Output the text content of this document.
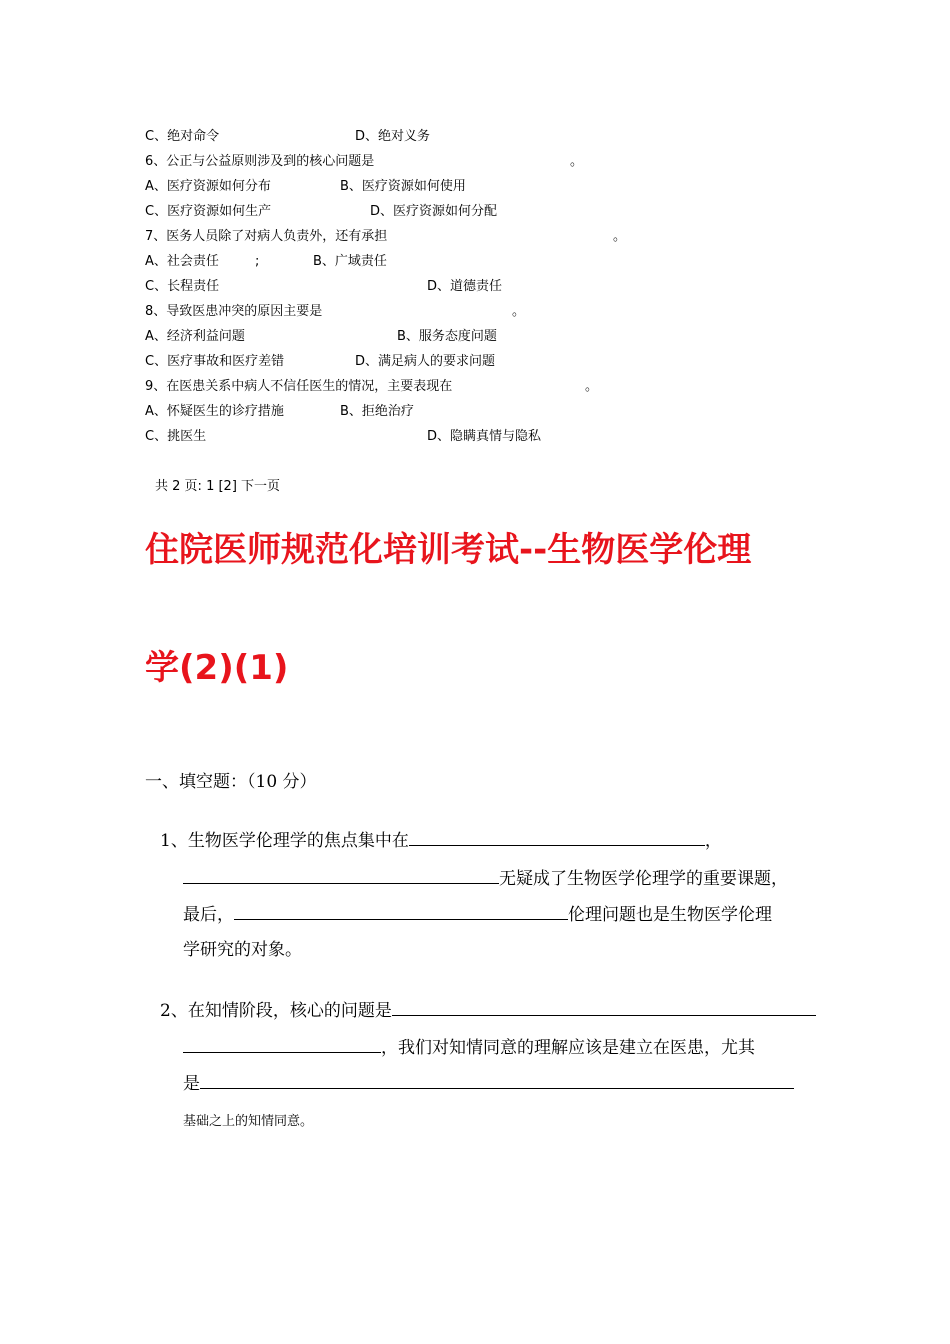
C、绝对命令	D、绝对义务
6、公正与公益原则涉及到的核心问题是	。
A、医疗资源如何分布	B、医疗资源如何使用
C、医疗资源如何生产	D、医疗资源如何分配
7、医务人员除了对病人负责外，还有承担	。
A、社会责任	;	B、广域责任
C、长程责任	D、道德责任
8、导致医患冲突的原因主要是	。
A、经济利益问题	B、服务态度问题
C、医疗事故和医疗差错	D、满足病人的要求问题
9、在医患关系中病人不信任医生的情况，主要表现在	。
A、怀疑医生的诊疗措施	B、拒绝治疗
C、挑医生	D、隐瞒真情与隐私
共 2 页: 1 [2] 下一页
住院医师规范化培训考试--生物医学伦理
学(2)(1)
一、填空题：（10 分）
1、生物医学伦理学的焦点集中在	，
无疑成了生物医学伦理学的重要课题，
最后，	伦理问题也是生物医学伦理
学研究的对象。
2、在知情阶段，核心的问题是
，我们对知情同意的理解应该是建立在医患，尤其
是
基础之上的知情同意。
